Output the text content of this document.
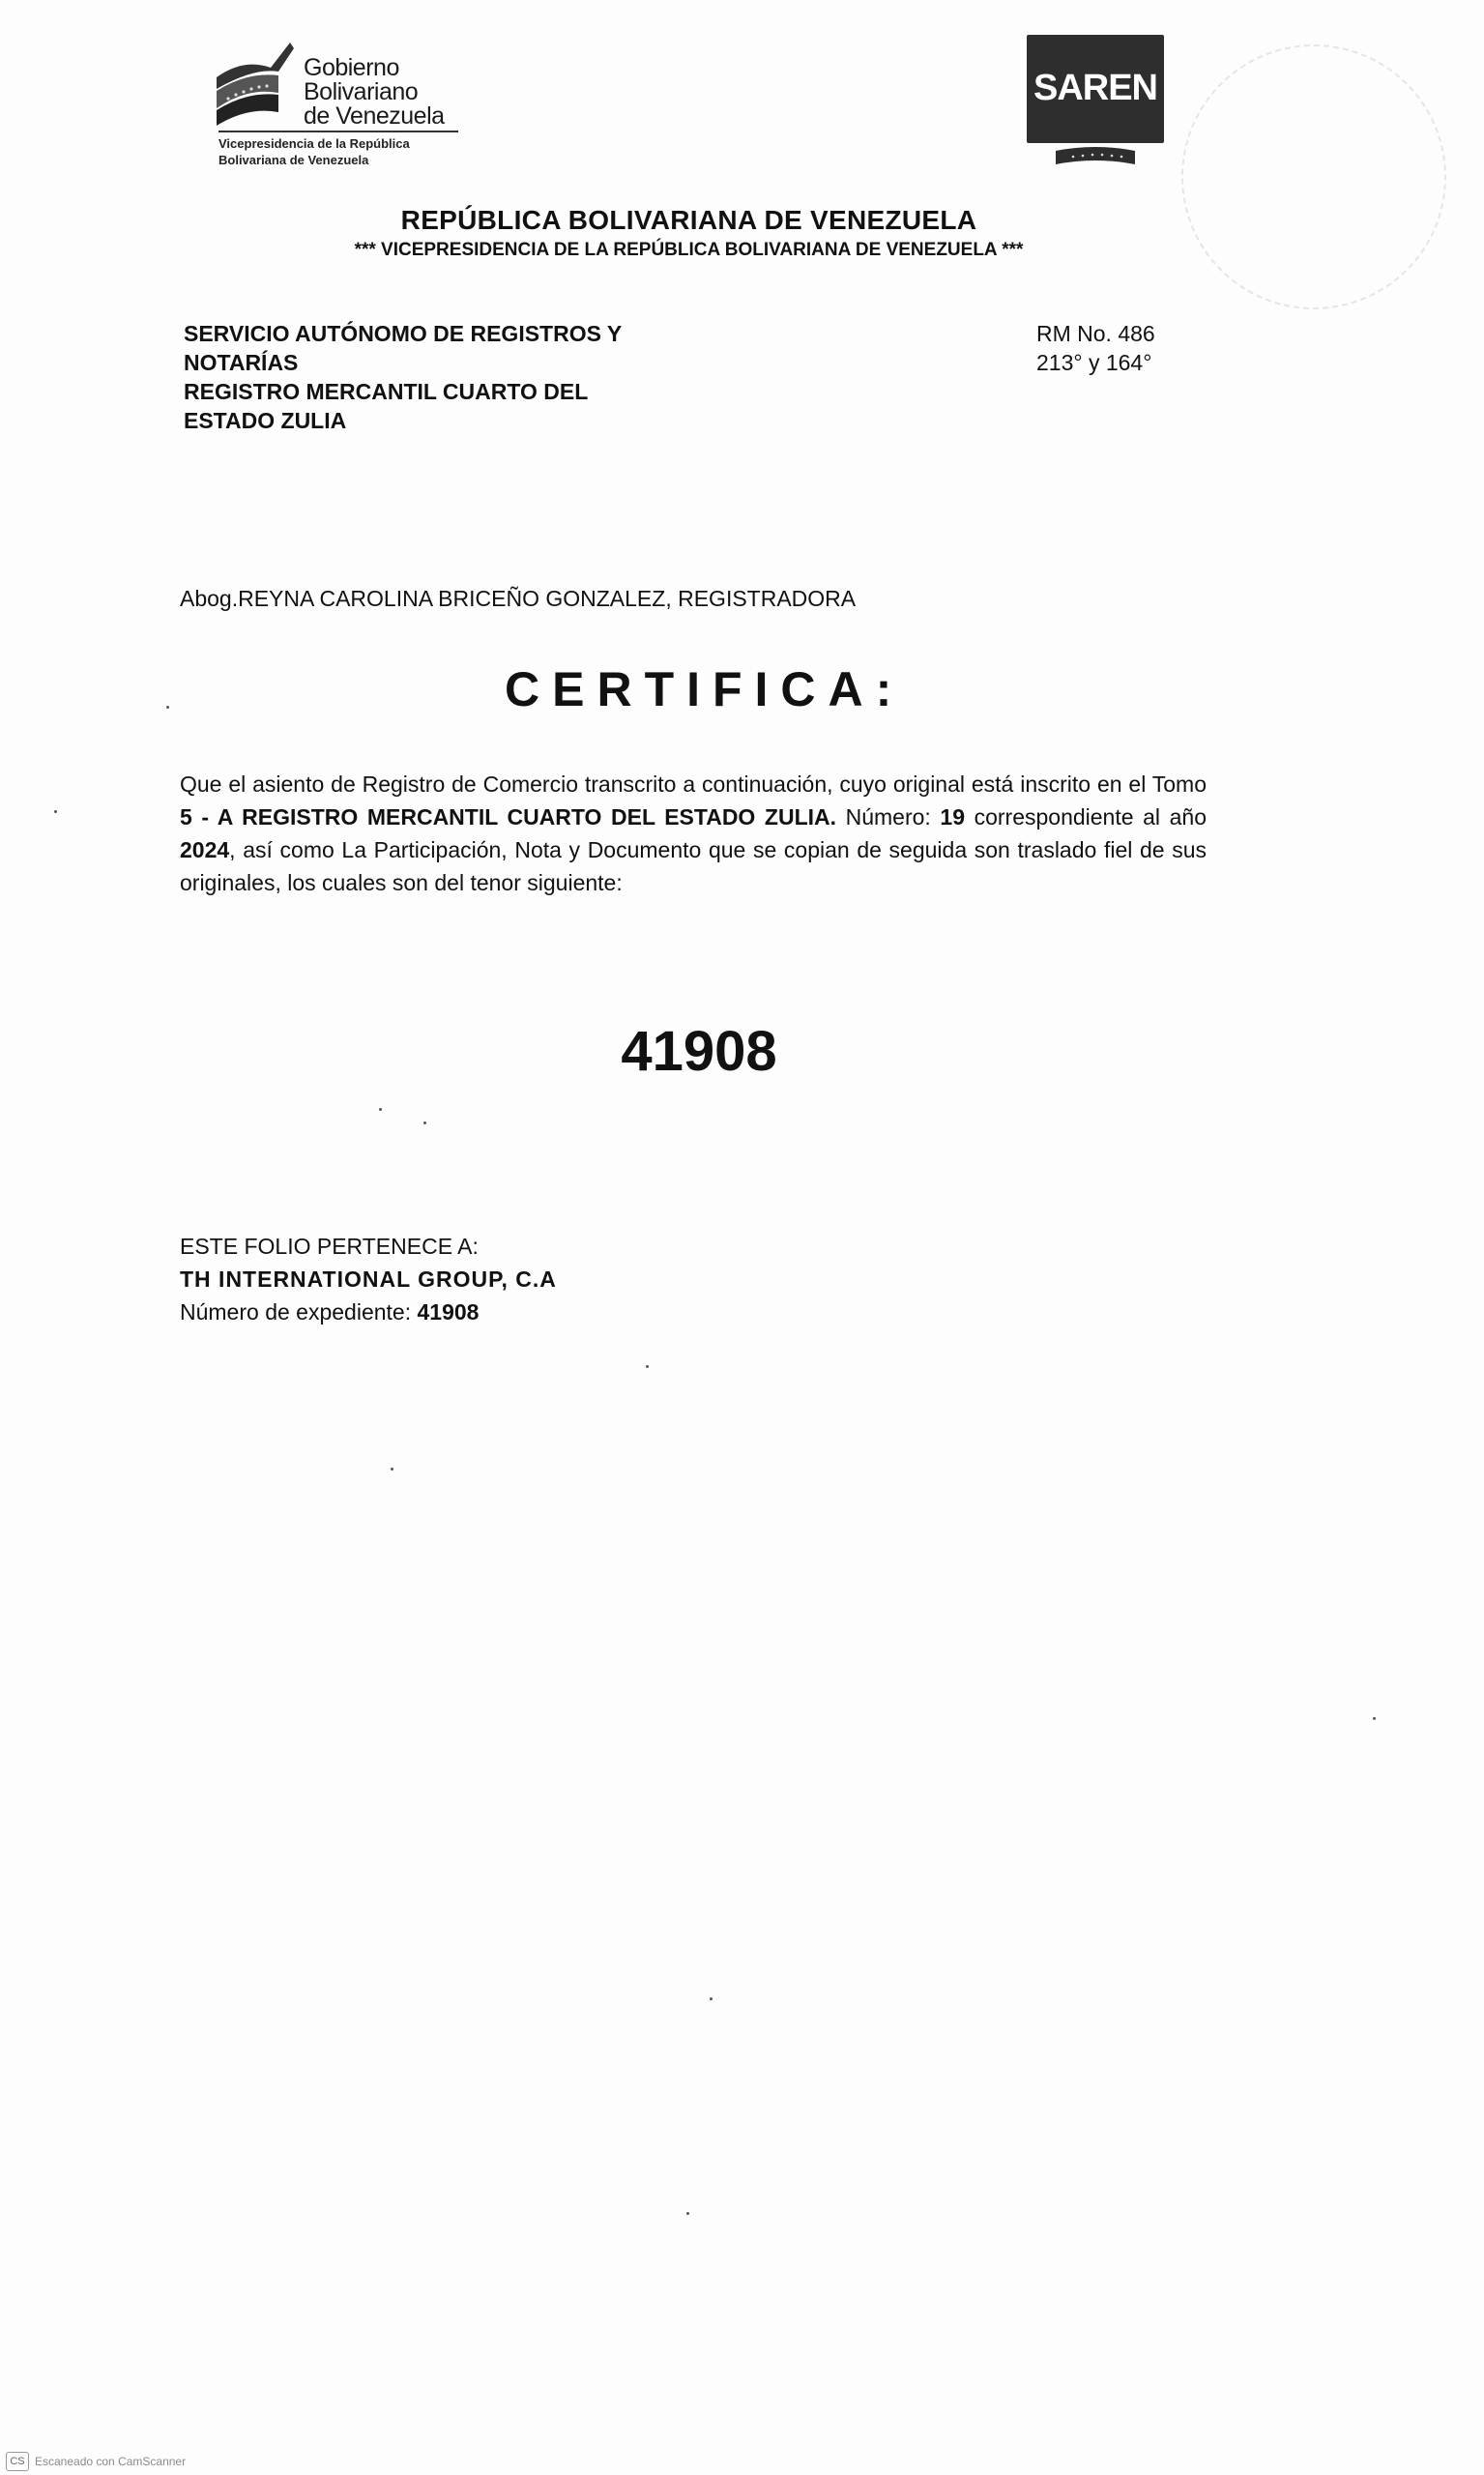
Gobierno
Bolivariano
de Venezuela
Vicepresidencia de la República
Bolivariana de Venezuela
SAREN
REPÚBLICA BOLIVARIANA DE VENEZUELA
*** VICEPRESIDENCIA DE LA REPÚBLICA BOLIVARIANA DE VENEZUELA ***
SERVICIO AUTÓNOMO DE REGISTROS Y
NOTARÍAS
REGISTRO MERCANTIL CUARTO DEL
ESTADO ZULIA
RM No. 486
213° y 164°
Abog.REYNA CAROLINA BRICEÑO GONZALEZ, REGISTRADORA
CERTIFICA:
Que el asiento de Registro de Comercio transcrito a continuación, cuyo original está inscrito en el Tomo 5 - A REGISTRO MERCANTIL CUARTO DEL ESTADO ZULIA. Número: 19 correspondiente al año 2024, así como La Participación, Nota y Documento que se copian de seguida son traslado fiel de sus originales, los cuales son del tenor siguiente:
41908
ESTE FOLIO PERTENECE A:
TH INTERNATIONAL GROUP, C.A
Número de expediente: 41908
CS Escaneado con CamScanner
